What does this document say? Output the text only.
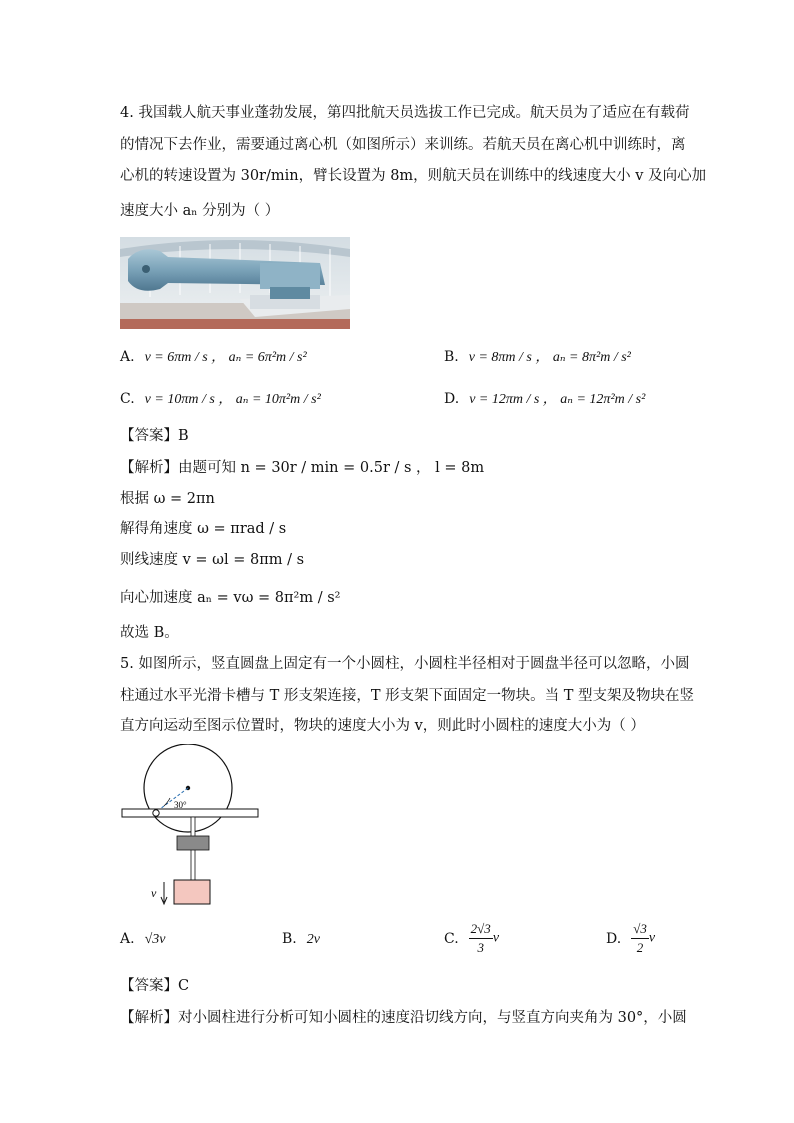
4. 我国载人航天事业蓬勃发展，第四批航天员选拔工作已完成。航天员为了适应在有载荷
的情况下去作业，需要通过离心机（如图所示）来训练。若航天员在离心机中训练时，离
心机的转速设置为 30r/min，臂长设置为 8m，则航天员在训练中的线速度大小 v 及向心加
速度大小 aₙ 分别为（ ）
A. v = 6πm / s ， aₙ = 6π²m / s²	B. v = 8πm / s ， aₙ = 8π²m / s²
C. v = 10πm / s ， aₙ = 10π²m / s²	D. v = 12πm / s ， aₙ = 12π²m / s²
【答案】B
【解析】由题可知 n = 30r / min = 0.5r / s ， l = 8m
根据 ω = 2πn
解得角速度 ω = πrad / s
则线速度 v = ωl = 8πm / s
向心加速度 aₙ = vω = 8π²m / s²
故选 B。
5. 如图所示，竖直圆盘上固定有一个小圆柱，小圆柱半径相对于圆盘半径可以忽略，小圆
柱通过水平光滑卡槽与 T 形支架连接，T 形支架下面固定一物块。当 T 型支架及物块在竖
直方向运动至图示位置时，物块的速度大小为 v，则此时小圆柱的速度大小为（ ）
30°
v
A. √3v	B. 2v	C. $\frac{2√3}{3}$ v	D. $\frac{√3}{2}$ v
【答案】C
【解析】对小圆柱进行分析可知小圆柱的速度沿切线方向，与竖直方向夹角为 30°，小圆
